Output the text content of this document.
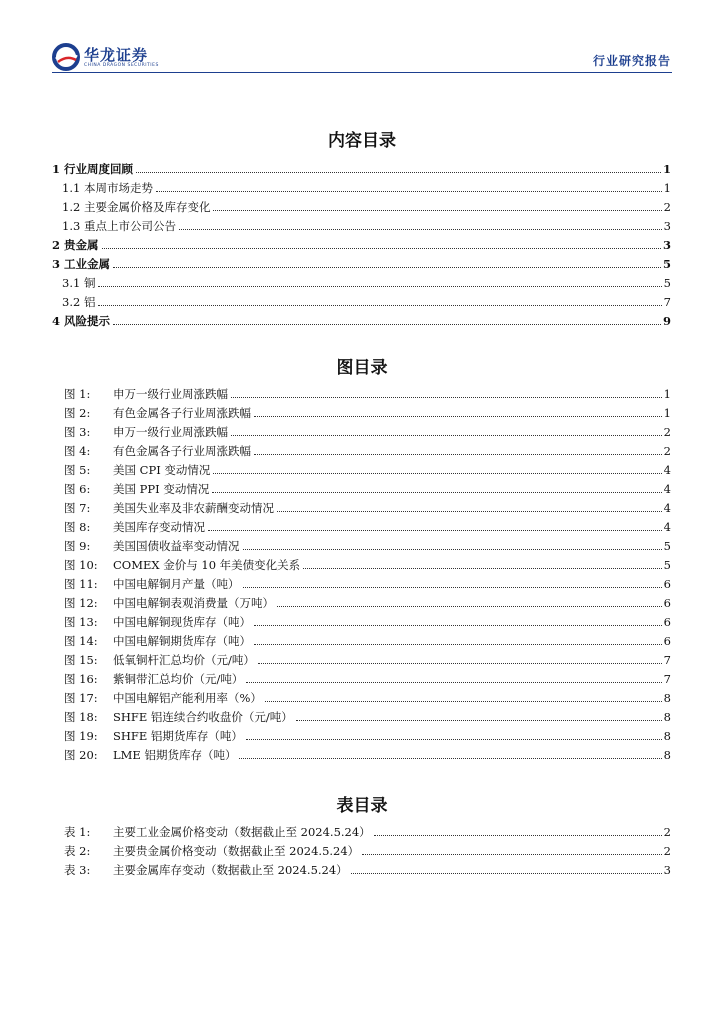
华龙证券
CHINA DRAGON SECURITIES	行业研究报告
内容目录
1 行业周度回顾	1
1.1 本周市场走势	1
1.2 主要金属价格及库存变化	2
1.3 重点上市公司公告	3
2 贵金属	3
3 工业金属	5
3.1 铜	5
3.2 铝	7
4 风险提示	9
图目录
图 1:	申万一级行业周涨跌幅	1
图 2:	有色金属各子行业周涨跌幅	1
图 3:	申万一级行业周涨跌幅	2
图 4:	有色金属各子行业周涨跌幅	2
图 5:	美国 CPI 变动情况	4
图 6:	美国 PPI 变动情况	4
图 7:	美国失业率及非农薪酬变动情况	4
图 8:	美国库存变动情况	4
图 9:	美国国债收益率变动情况	5
图 10:	COMEX 金价与 10 年美债变化关系	5
图 11:	中国电解铜月产量（吨）	6
图 12:	中国电解铜表观消费量（万吨）	6
图 13:	中国电解铜现货库存（吨）	6
图 14:	中国电解铜期货库存（吨）	6
图 15:	低氧铜杆汇总均价（元/吨）	7
图 16:	紫铜带汇总均价（元/吨）	7
图 17:	中国电解铝产能利用率（%）	8
图 18:	SHFE 铝连续合约收盘价（元/吨）	8
图 19:	SHFE 铝期货库存（吨）	8
图 20:	LME 铝期货库存（吨）	8
表目录
表 1:	主要工业金属价格变动（数据截止至 2024.5.24）	2
表 2:	主要贵金属价格变动（数据截止至 2024.5.24）	2
表 3:	主要金属库存变动（数据截止至 2024.5.24）	3
